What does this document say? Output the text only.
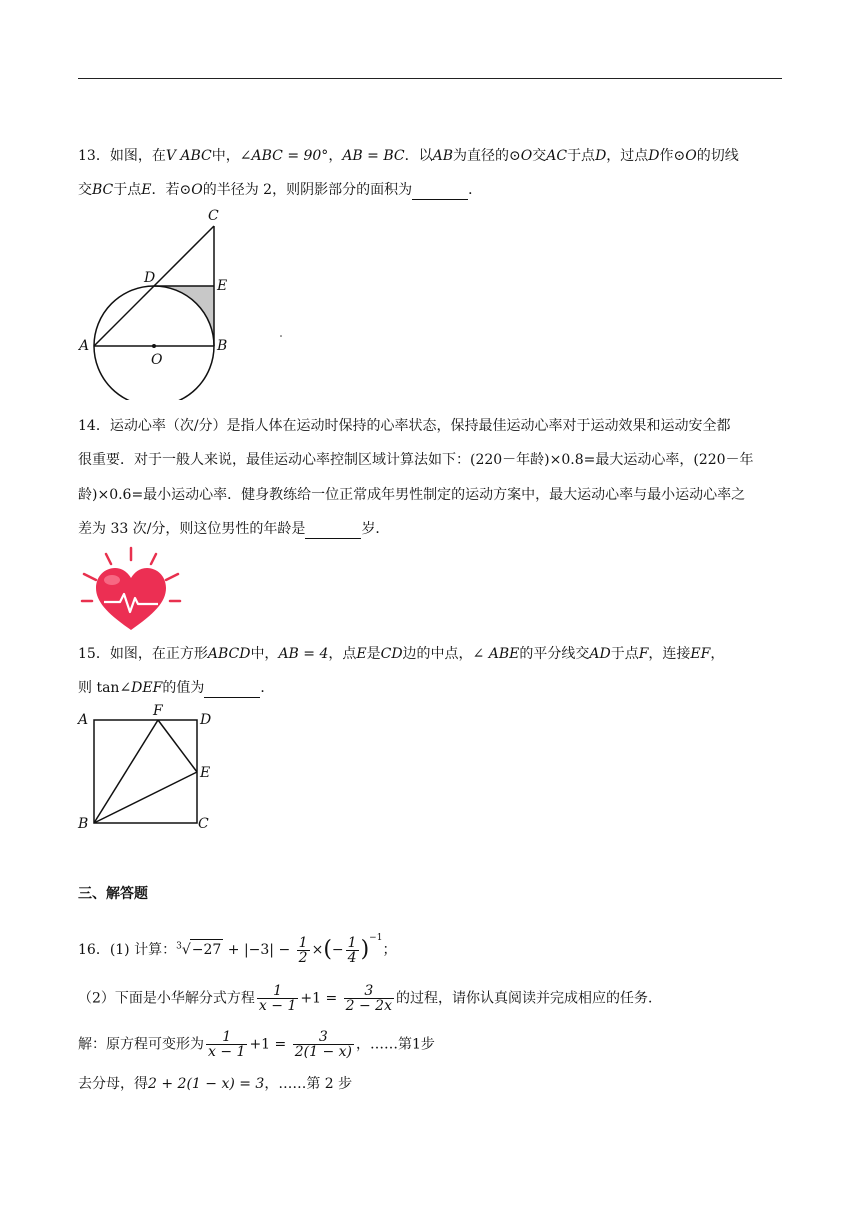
13．如图，在V ABC中，∠ABC = 90°，AB = BC．以AB为直径的⊙O交AC于点D，过点D作⊙O的切线
交BC于点E．若⊙O的半径为 2，则阴影部分的面积为	．
C
D	E
A
O
B
14．运动心率（次/分）是指人体在运动时保持的心率状态，保持最佳运动心率对于运动效果和运动安全都
很重要．对于一般人来说，最佳运动心率控制区域计算法如下：(220－年龄)×0.8=最大运动心率，(220－年
龄)×0.6=最小运动心率．健身教练给一位正常成年男性制定的运动方案中，最大运动心率与最小运动心率之
差为 33 次/分，则这位男性的年龄是	岁．
15．如图，在正方形ABCD中，AB = 4，点E是CD边的中点，∠ ABE的平分线交AD于点F，连接EF，
则 tan∠DEF的值为	．
A
F
D
E
B	C
三、解答题
16．(1) 计算：$^3√-27 + |-3| - \frac{1}{2}$ ×(− $\frac{1}{4} )^{-1}$；
（2）下面是小华解分式方程 $\frac{1}{x - 1} +1 = \frac{3}{2 - 2x}$ 的过程，请你认真阅读并完成相应的任务．
解：原方程可变形为 $\frac{1}{x - 1} +1 = \frac{3}{2(1 - x)}$ ，……第1步
去分母，得2 + 2(1 − x) = 3，……第 2 步
